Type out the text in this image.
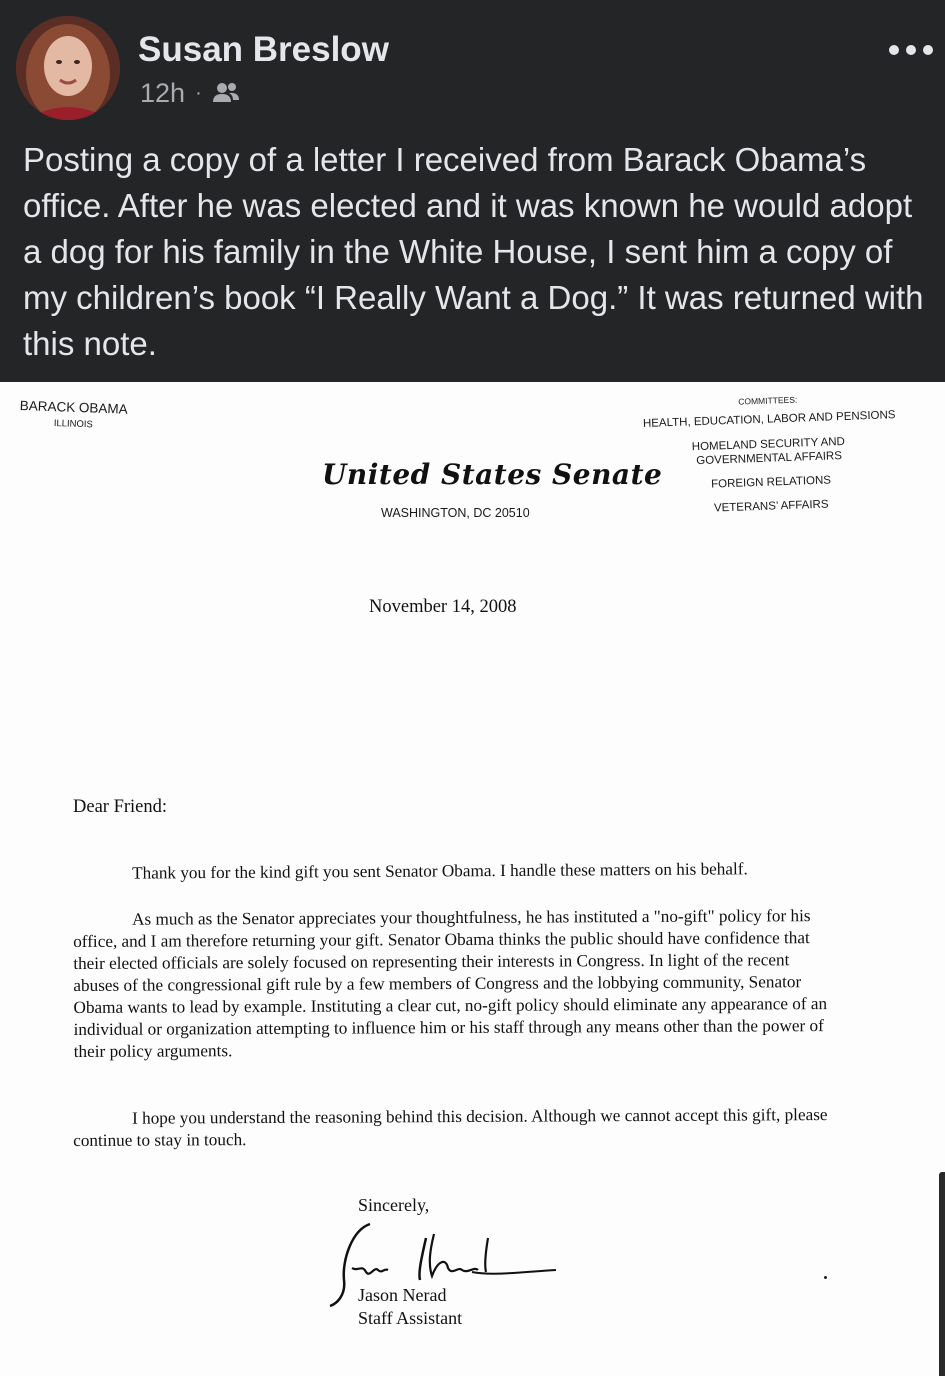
Susan Breslow
12h ·

Posting a copy of a letter I received from Barack Obama’s office. After he was elected and it was known he would adopt a dog for his family in the White House, I sent him a copy of my children’s book “I Really Want a Dog.” It was returned with this note.

BARACK OBAMA
ILLINOIS
United States Senate
WASHINGTON, DC 20510
COMMITTEES:
HEALTH, EDUCATION, LABOR AND PENSIONS
HOMELAND SECURITY AND
GOVERNMENTAL AFFAIRS
FOREIGN RELATIONS
VETERANS’ AFFAIRS
November 14, 2008
Dear Friend:

Thank you for the kind gift you sent Senator Obama. I handle these matters on his behalf.

As much as the Senator appreciates your thoughtfulness, he has instituted a "no-gift" policy for his office, and I am therefore returning your gift. Senator Obama thinks the public should have confidence that their elected officials are solely focused on representing their interests in Congress. In light of the recent abuses of the congressional gift rule by a few members of Congress and the lobbying community, Senator Obama wants to lead by example. Instituting a clear cut, no-gift policy should eliminate any appearance of an individual or organization attempting to influence him or his staff through any means other than the power of their policy arguments.

I hope you understand the reasoning behind this decision. Although we cannot accept this gift, please continue to stay in touch.

Sincerely,
Jason Nerad
Staff Assistant
